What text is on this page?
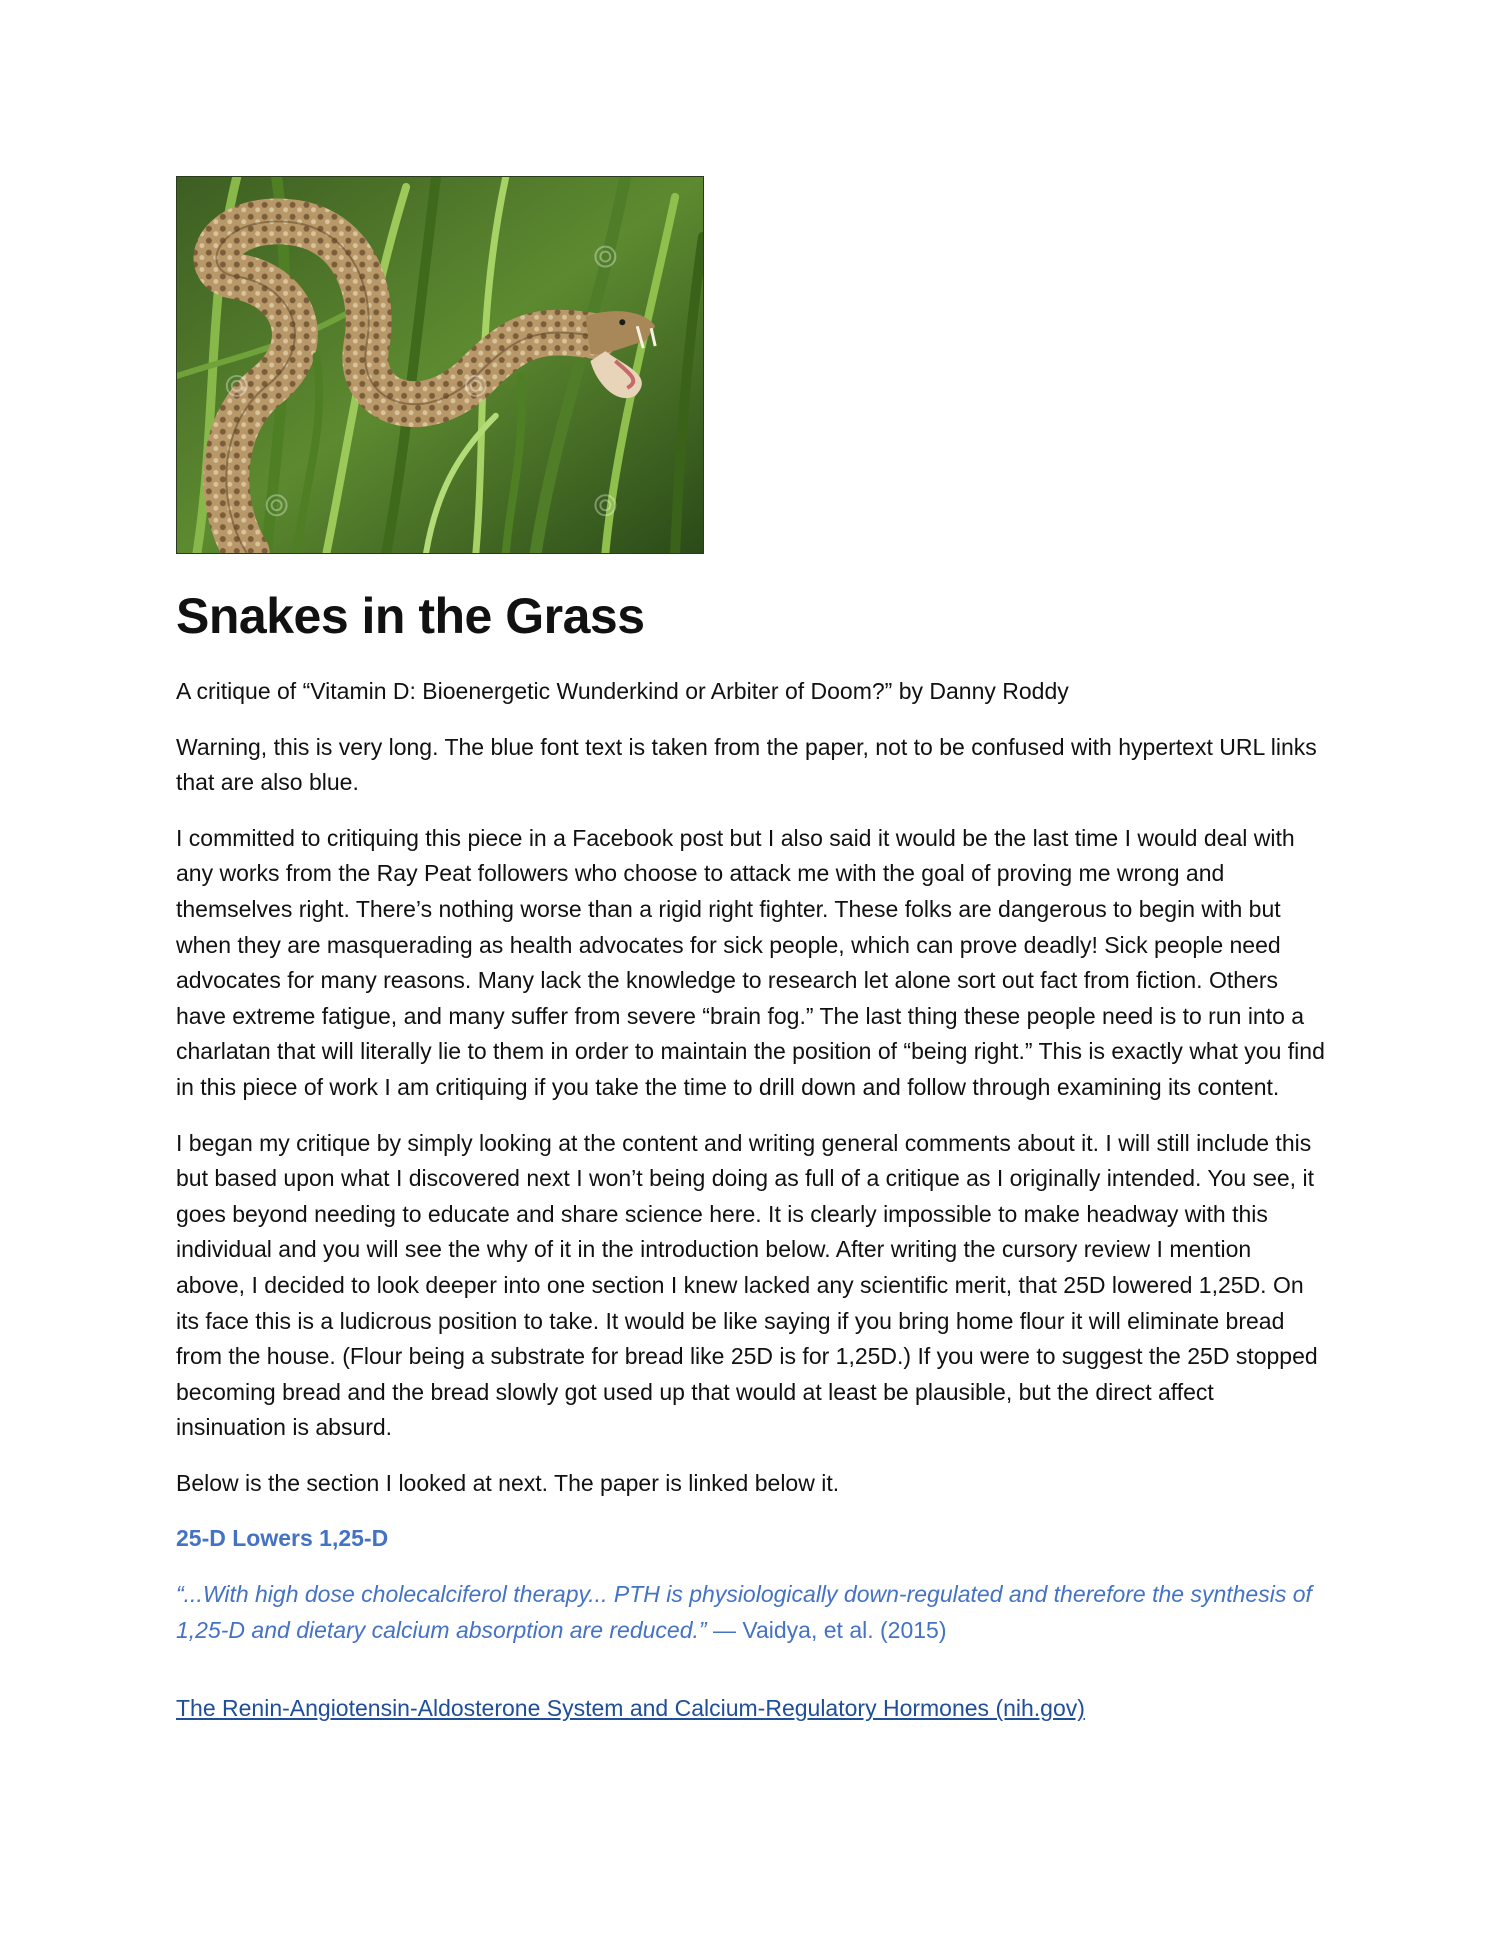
Snakes in the Grass

A critique of “Vitamin D: Bioenergetic Wunderkind or Arbiter of Doom?” by Danny Roddy

Warning, this is very long. The blue font text is taken from the paper, not to be confused with hypertext URL links that are also blue.

I committed to critiquing this piece in a Facebook post but I also said it would be the last time I would deal with any works from the Ray Peat followers who choose to attack me with the goal of proving me wrong and themselves right. There’s nothing worse than a rigid right fighter. These folks are dangerous to begin with but when they are masquerading as health advocates for sick people, which can prove deadly! Sick people need advocates for many reasons. Many lack the knowledge to research let alone sort out fact from fiction. Others have extreme fatigue, and many suffer from severe “brain fog.” The last thing these people need is to run into a charlatan that will literally lie to them in order to maintain the position of “being right.” This is exactly what you find in this piece of work I am critiquing if you take the time to drill down and follow through examining its content.

I began my critique by simply looking at the content and writing general comments about it. I will still include this but based upon what I discovered next I won’t being doing as full of a critique as I originally intended. You see, it goes beyond needing to educate and share science here. It is clearly impossible to make headway with this individual and you will see the why of it in the introduction below. After writing the cursory review I mention above, I decided to look deeper into one section I knew lacked any scientific merit, that 25D lowered 1,25D. On its face this is a ludicrous position to take. It would be like saying if you bring home flour it will eliminate bread from the house. (Flour being a substrate for bread like 25D is for 1,25D.) If you were to suggest the 25D stopped becoming bread and the bread slowly got used up that would at least be plausible, but the direct affect insinuation is absurd.

Below is the section I looked at next. The paper is linked below it.

25-D Lowers 1,25-D

“...With high dose cholecalciferol therapy... PTH is physiologically down-regulated and therefore the synthesis of 1,25-D and dietary calcium absorption are reduced.” — Vaidya, et al. (2015)

The Renin-Angiotensin-Aldosterone System and Calcium-Regulatory Hormones (nih.gov)
